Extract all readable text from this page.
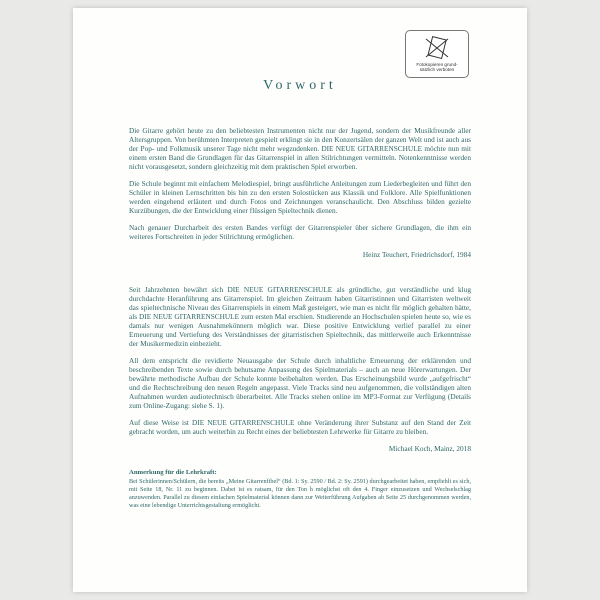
Fotokopieren grund-
sätzlich verboten
Vorwort

Die Gitarre gehört heute zu den beliebtesten Instrumenten nicht nur der Jugend, sondern der Musikfreunde aller Altersgruppen. Von berühmten Interpreten gespielt erklingt sie in den Konzertsälen der ganzen Welt und ist auch aus der Pop- und Folkmusik unserer Tage nicht mehr wegzudenken. DIE NEUE GITARRENSCHULE möchte nun mit einem ersten Band die Grundlagen für das Gitarrenspiel in allen Stilrichtungen vermitteln. Notenkenntnisse werden nicht vorausgesetzt, sondern gleichzeitig mit dem praktischen Spiel erworben.

Die Schule beginnt mit einfachem Melodiespiel, bringt ausführliche Anleitungen zum Liederbegleiten und führt den Schüler in kleinen Lernschritten bis hin zu den ersten Solostücken aus Klassik und Folklore. Alle Spielfunktionen werden eingehend erläutert und durch Fotos und Zeichnungen veranschaulicht. Den Abschluss bilden gezielte Kurzübungen, die der Entwicklung einer flüssigen Spieltechnik dienen.

Nach genauer Durcharbeit des ersten Bandes verfügt der Gitarrenspieler über sichere Grundlagen, die ihm ein weiteres Fortschreiten in jeder Stilrichtung ermöglichen.

Heinz Teuchert, Friedrichsdorf, 1984

Seit Jahrzehnten bewährt sich DIE NEUE GITARRENSCHULE als gründliche, gut verständliche und klug durchdachte Heranführung ans Gitarrenspiel. Im gleichen Zeitraum haben Gitarristinnen und Gitarristen weltweit das spieltechnische Niveau des Gitarrenspiels in einem Maß gesteigert, wie man es nicht für möglich gehalten hätte, als DIE NEUE GITARRENSCHULE zum ersten Mal erschien. Studierende an Hochschulen spielen heute so, wie es damals nur wenigen Ausnahmekönnern möglich war. Diese positive Entwicklung verlief parallel zu einer Erneuerung und Vertiefung des Verständnisses der gitarristischen Spieltechnik, das mittlerweile auch Erkenntnisse der Musikermedizin einbezieht.

All dem entspricht die revidierte Neuausgabe der Schule durch inhaltliche Erneuerung der erklärenden und beschreibenden Texte sowie durch behutsame Anpassung des Spielmaterials – auch an neue Hörerwartungen. Der bewährte methodische Aufbau der Schule konnte beibehalten werden. Das Erscheinungsbild wurde „aufgefrischt“ und die Rechtschreibung den neuen Regeln angepasst. Viele Tracks sind neu aufgenommen, die vollständigen alten Aufnahmen wurden audiotechnisch überarbeitet. Alle Tracks stehen online im MP3-Format zur Verfügung (Details zum Online-Zugang: siehe S. 1).

Auf diese Weise ist DIE NEUE GITARRENSCHULE ohne Veränderung ihrer Substanz auf den Stand der Zeit gebracht worden, um auch weiterhin zu Recht eines der beliebtesten Lehrwerke für Gitarre zu bleiben.

Michael Koch, Mainz, 2018

Anmerkung für die Lehrkraft:
Bei Schülerinnen/Schülern, die bereits „Meine Gitarrenfibel“ (Bd. 1: Sy. 2590 / Bd. 2: Sy. 2591) durchgearbeitet haben, empfiehlt es sich, mit Seite 18, Nr. 11 zu beginnen. Dabei ist es ratsam, für den Ton h möglichst oft den 4. Finger einzusetzen und Wechselschlag anzuwenden. Parallel zu diesem einfachen Spielmaterial können dann zur Weiterführung Aufgaben ab Seite 25 durchgenommen werden, was eine lebendige Unterrichtsgestaltung ermöglicht.
